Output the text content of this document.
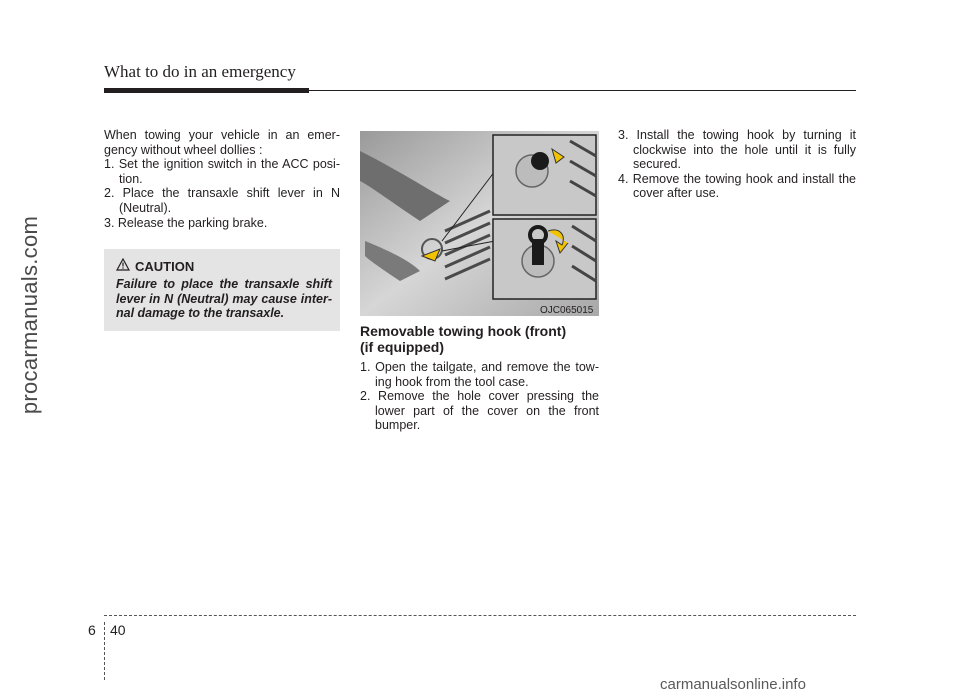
What to do in an emergency
procarmanuals.com

When towing your vehicle in an emer-gency without wheel dollies :

1. Set the ignition switch in the ACC posi-tion.

2. Place the transaxle shift lever in N (Neutral).

3. Release the parking brake.

CAUTION
Failure to place the transaxle shift lever in N (Neutral) may cause inter-nal damage to the transaxle.	OJC065015
Removable towing hook (front)
(if equipped)

1. Open the tailgate, and remove the tow-ing hook from the tool case.

2. Remove the hole cover pressing the lower part of the cover on the front bumper.

3. Install the towing hook by turning it clockwise into the hole until it is fully secured.

4. Remove the towing hook and install the cover after use.

6 40
carmanualsonline.info
